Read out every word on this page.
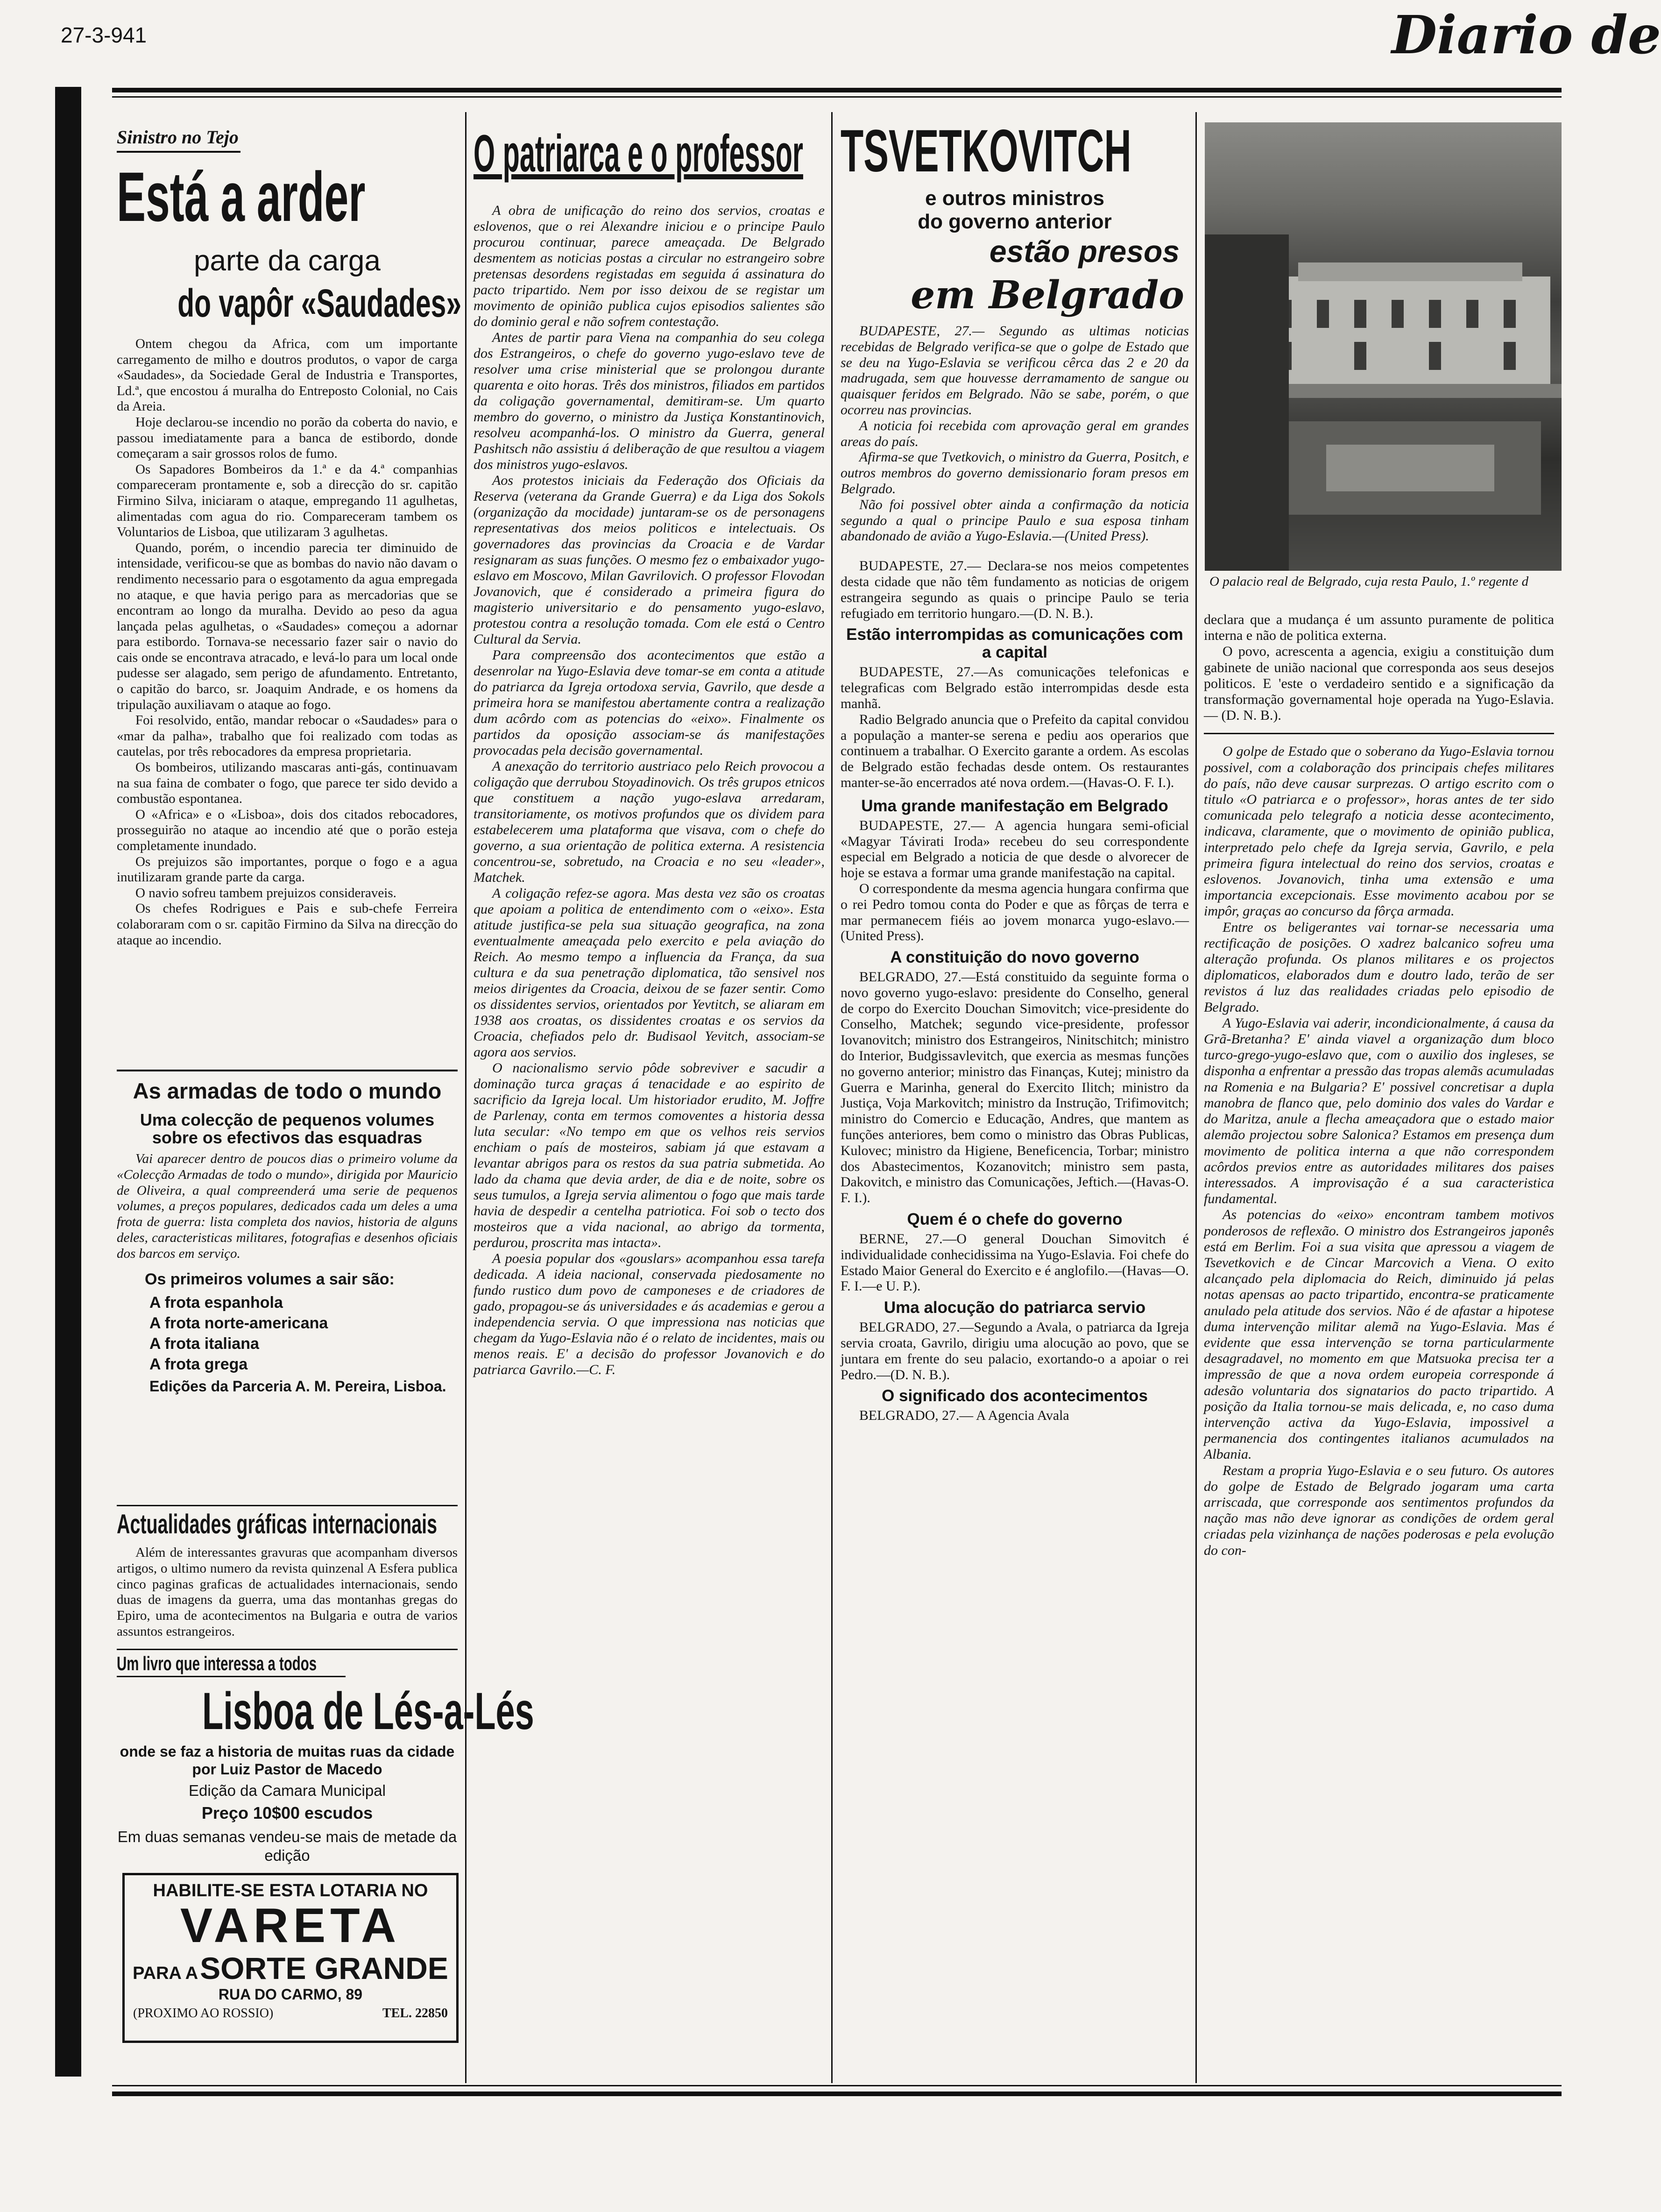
27-3-941	Diario de
Sinistro no Tejo
Está a arder
parte da carga
do vapôr «Saudades»

Ontem chegou da Africa, com um importante carregamento de milho e doutros produtos, o vapor de carga «Saudades», da Sociedade Geral de Industria e Transportes, Ld.ª, que encostou á muralha do Entreposto Colonial, no Cais da Areia.

Hoje declarou-se incendio no porão da coberta do navio, e passou imediatamente para a banca de estibordo, donde começaram a sair grossos rolos de fumo.

Os Sapadores Bombeiros da 1.ª e da 4.ª companhias compareceram prontamente e, sob a direcção do sr. capitão Firmino Silva, iniciaram o ataque, empregando 11 agulhetas, alimentadas com agua do rio. Compareceram tambem os Voluntarios de Lisboa, que utilizaram 3 agulhetas.

Quando, porém, o incendio parecia ter diminuido de intensidade, verificou-se que as bombas do navio não davam o rendimento necessario para o esgotamento da agua empregada no ataque, e que havia perigo para as mercadorias que se encontram ao longo da muralha. Devido ao peso da agua lançada pelas agulhetas, o «Saudades» começou a adornar para estibordo. Tornava-se necessario fazer sair o navio do cais onde se encontrava atracado, e levá-lo para um local onde pudesse ser alagado, sem perigo de afundamento. Entretanto, o capitão do barco, sr. Joaquim Andrade, e os homens da tripulação auxiliavam o ataque ao fogo.

Foi resolvido, então, mandar rebocar o «Saudades» para o «mar da palha», trabalho que foi realizado com todas as cautelas, por três rebocadores da empresa proprietaria.

Os bombeiros, utilizando mascaras anti-gás, continuavam na sua faina de combater o fogo, que parece ter sido devido a combustão espontanea.

O «Africa» e o «Lisboa», dois dos citados rebocadores, prosseguirão no ataque ao incendio até que o porão esteja completamente inundado.

Os prejuizos são importantes, porque o fogo e a agua inutilizaram grande parte da carga.

O navio sofreu tambem prejuizos consideraveis.

Os chefes Rodrigues e Pais e sub-chefe Ferreira colaboraram com o sr. capitão Firmino da Silva na direcção do ataque ao incendio.

As armadas de todo o mundo
Uma colecção de pequenos volumes sobre os efectivos das esquadras

Vai aparecer dentro de poucos dias o primeiro volume da «Colecção Armadas de todo o mundo», dirigida por Mauricio de Oliveira, a qual compreenderá uma serie de pequenos volumes, a preços populares, dedicados cada um deles a uma frota de guerra: lista completa dos navios, historia de alguns deles, caracteristicas militares, fotografias e desenhos oficiais dos barcos em serviço.

Os primeiros volumes a sair são:
A frota espanhola
A frota norte-americana
A frota italiana
A frota grega
Edições da Parceria A. M. Pereira, Lisboa.
Actualidades gráficas internacionais

Além de interessantes gravuras que acompanham diversos artigos, o ultimo numero da revista quinzenal A Esfera publica cinco paginas graficas de actualidades internacionais, sendo duas de imagens da guerra, uma das montanhas gregas do Epiro, uma de acontecimentos na Bulgaria e outra de varios assuntos estrangeiros.

Um livro que interessa a todos
Lisboa de Lés-a-Lés
onde se faz a historia de muitas ruas da cidade por Luiz Pastor de Macedo
Edição da Camara Municipal
Preço 10$00 escudos
Em duas semanas vendeu-se mais de metade da edição
HABILITE-SE ESTA LOTARIA NO
VARETA
PARA A SORTE GRANDE
RUA DO CARMO, 89
(PROXIMO AO ROSSIO)	TEL. 22850
O patriarca e o professor

A obra de unificação do reino dos servios, croatas e eslovenos, que o rei Alexandre iniciou e o principe Paulo procurou continuar, parece ameaçada. De Belgrado desmentem as noticias postas a circular no estrangeiro sobre pretensas desordens registadas em seguida á assinatura do pacto tripartido. Nem por isso deixou de se registar um movimento de opinião publica cujos episodios salientes são do dominio geral e não sofrem contestação.

Antes de partir para Viena na companhia do seu colega dos Estrangeiros, o chefe do governo yugo-eslavo teve de resolver uma crise ministerial que se prolongou durante quarenta e oito horas. Três dos ministros, filiados em partidos da coligação governamental, demitiram-se. Um quarto membro do governo, o ministro da Justiça Konstantinovich, resolveu acompanhá-los. O ministro da Guerra, general Pashitsch não assistiu á deliberação de que resultou a viagem dos ministros yugo-eslavos.

Aos protestos iniciais da Federação dos Oficiais da Reserva (veterana da Grande Guerra) e da Liga dos Sokols (organização da mocidade) juntaram-se os de personagens representativas dos meios politicos e intelectuais. Os governadores das provincias da Croacia e de Vardar resignaram as suas funções. O mesmo fez o embaixador yugo-eslavo em Moscovo, Milan Gavrilovich. O professor Flovodan Jovanovich, que é considerado a primeira figura do magisterio universitario e do pensamento yugo-eslavo, protestou contra a resolução tomada. Com ele está o Centro Cultural da Servia.

Para compreensão dos acontecimentos que estão a desenrolar na Yugo-Eslavia deve tomar-se em conta a atitude do patriarca da Igreja ortodoxa servia, Gavrilo, que desde a primeira hora se manifestou abertamente contra a realização dum acôrdo com as potencias do «eixo». Finalmente os partidos da oposição associam-se ás manifestações provocadas pela decisão governamental.

A anexação do territorio austriaco pelo Reich provocou a coligação que derrubou Stoyadinovich. Os três grupos etnicos que constituem a nação yugo-eslava arredaram, transitoriamente, os motivos profundos que os dividem para estabelecerem uma plataforma que visava, com o chefe do governo, a sua orientação de politica externa. A resistencia concentrou-se, sobretudo, na Croacia e no seu «leader», Matchek.

A coligação refez-se agora. Mas desta vez são os croatas que apoiam a politica de entendimento com o «eixo». Esta atitude justifica-se pela sua situação geografica, na zona eventualmente ameaçada pelo exercito e pela aviação do Reich. Ao mesmo tempo a influencia da França, da sua cultura e da sua penetração diplomatica, tão sensivel nos meios dirigentes da Croacia, deixou de se fazer sentir. Como os dissidentes servios, orientados por Yevtitch, se aliaram em 1938 aos croatas, os dissidentes croatas e os servios da Croacia, chefiados pelo dr. Budisaol Yevitch, associam-se agora aos servios.

O nacionalismo servio pôde sobreviver e sacudir a dominação turca graças á tenacidade e ao espirito de sacrificio da Igreja local. Um historiador erudito, M. Joffre de Parlenay, conta em termos comoventes a historia dessa luta secular: «No tempo em que os velhos reis servios enchiam o país de mosteiros, sabiam já que estavam a levantar abrigos para os restos da sua patria submetida. Ao lado da chama que devia arder, de dia e de noite, sobre os seus tumulos, a Igreja servia alimentou o fogo que mais tarde havia de despedir a centelha patriotica. Foi sob o tecto dos mosteiros que a vida nacional, ao abrigo da tormenta, perdurou, proscrita mas intacta».

A poesia popular dos «gouslars» acompanhou essa tarefa dedicada. A ideia nacional, conservada piedosamente no fundo rustico dum povo de camponeses e de criadores de gado, propagou-se ás universidades e ás academias e gerou a independencia servia. O que impressiona nas noticias que chegam da Yugo-Eslavia não é o relato de incidentes, mais ou menos reais. E' a decisão do professor Jovanovich e do patriarca Gavrilo.—C. F.

TSVETKOVITCH
e outros ministros
do governo anterior
estão presos
em Belgrado

BUDAPESTE, 27.— Segundo as ultimas noticias recebidas de Belgrado verifica-se que o golpe de Estado que se deu na Yugo-Eslavia se verificou cêrca das 2 e 20 da madrugada, sem que houvesse derramamento de sangue ou quaisquer feridos em Belgrado. Não se sabe, porém, o que ocorreu nas provincias.

A noticia foi recebida com aprovação geral em grandes areas do país.

Afirma-se que Tvetkovich, o ministro da Guerra, Positch, e outros membros do governo demissionario foram presos em Belgrado.

Não foi possivel obter ainda a confirmação da noticia segundo a qual o principe Paulo e sua esposa tinham abandonado de avião a Yugo-Eslavia.—(United Press).

BUDAPESTE, 27.— Declara-se nos meios competentes desta cidade que não têm fundamento as noticias de origem estrangeira segundo as quais o principe Paulo se teria refugiado em territorio hungaro.—(D. N. B.).

Estão interrompidas as comunicações com a capital

BUDAPESTE, 27.—As comunicações telefonicas e telegraficas com Belgrado estão interrompidas desde esta manhã.

Radio Belgrado anuncia que o Prefeito da capital convidou a população a manter-se serena e pediu aos operarios que continuem a trabalhar. O Exercito garante a ordem. As escolas de Belgrado estão fechadas desde ontem. Os restaurantes manter-se-ão encerrados até nova ordem.—(Havas-O. F. I.).

Uma grande manifestação em Belgrado

BUDAPESTE, 27.— A agencia hungara semi-oficial «Magyar Távirati Iroda» recebeu do seu correspondente especial em Belgrado a noticia de que desde o alvorecer de hoje se estava a formar uma grande manifestação na capital.

O correspondente da mesma agencia hungara confirma que o rei Pedro tomou conta do Poder e que as fôrças de terra e mar permanecem fiéis ao jovem monarca yugo-eslavo.—(United Press).

A constituição do novo governo

BELGRADO, 27.—Está constituido da seguinte forma o novo governo yugo-eslavo: presidente do Conselho, general de corpo do Exercito Douchan Simovitch; vice-presidente do Conselho, Matchek; segundo vice-presidente, professor Iovanovitch; ministro dos Estrangeiros, Ninitschitch; ministro do Interior, Budgissavlevitch, que exercia as mesmas funções no governo anterior; ministro das Finanças, Kutej; ministro da Guerra e Marinha, general do Exercito Ilitch; ministro da Justiça, Voja Markovitch; ministro da Instrução, Trifimovitch; ministro do Comercio e Educação, Andres, que mantem as funções anteriores, bem como o ministro das Obras Publicas, Kulovec; ministro da Higiene, Beneficencia, Torbar; ministro dos Abastecimentos, Kozanovitch; ministro sem pasta, Dakovitch, e ministro das Comunicações, Jeftich.—(Havas-O. F. I.).

Quem é o chefe do governo

BERNE, 27.—O general Douchan Simovitch é individualidade conhecidissima na Yugo-Eslavia. Foi chefe do Estado Maior General do Exercito e é anglofilo.—(Havas—O. F. I.—e U. P.).

Uma alocução do patriarca servio

BELGRADO, 27.—Segundo a Avala, o patriarca da Igreja servia croata, Gavrilo, dirigiu uma alocução ao povo, que se juntara em frente do seu palacio, exortando-o a apoiar o rei Pedro.—(D. N. B.).

O significado dos acontecimentos

BELGRADO, 27.— A Agencia Avala

O palacio real de Belgrado, cuja resta Paulo, 1.º regente d

declara que a mudança é um assunto puramente de politica interna e não de politica externa.

O povo, acrescenta a agencia, exigiu a constituição dum gabinete de união nacional que corresponda aos seus desejos politicos. E 'este o verdadeiro sentido e a significação da transformação governamental hoje operada na Yugo-Eslavia.— (D. N. B.).

O golpe de Estado que o soberano da Yugo-Eslavia tornou possivel, com a colaboração dos principais chefes militares do país, não deve causar surprezas. O artigo escrito com o titulo «O patriarca e o professor», horas antes de ter sido comunicada pelo telegrafo a noticia desse acontecimento, indicava, claramente, que o movimento de opinião publica, interpretado pelo chefe da Igreja servia, Gavrilo, e pela primeira figura intelectual do reino dos servios, croatas e eslovenos. Jovanovich, tinha uma extensão e uma importancia excepcionais. Esse movimento acabou por se impôr, graças ao concurso da fôrça armada.

Entre os beligerantes vai tornar-se necessaria uma rectificação de posições. O xadrez balcanico sofreu uma alteração profunda. Os planos militares e os projectos diplomaticos, elaborados dum e doutro lado, terão de ser revistos á luz das realidades criadas pelo episodio de Belgrado.

A Yugo-Eslavia vai aderir, incondicionalmente, á causa da Grã-Bretanha? E' ainda viavel a organização dum bloco turco-grego-yugo-eslavo que, com o auxilio dos ingleses, se disponha a enfrentar a pressão das tropas alemãs acumuladas na Romenia e na Bulgaria? E' possivel concretisar a dupla manobra de flanco que, pelo dominio dos vales do Vardar e do Maritza, anule a flecha ameaçadora que o estado maior alemão projectou sobre Salonica? Estamos em presença dum movimento de politica interna a que não correspondem acôrdos previos entre as autoridades militares dos paises interessados. A improvisação é a sua caracteristica fundamental.

As potencias do «eixo» encontram tambem motivos ponderosos de reflexão. O ministro dos Estrangeiros japonês está em Berlim. Foi a sua visita que apressou a viagem de Tsevetkovich e de Cincar Marcovich a Viena. O exito alcançado pela diplomacia do Reich, diminuido já pelas notas apensas ao pacto tripartido, encontra-se praticamente anulado pela atitude dos servios. Não é de afastar a hipotese duma intervenção militar alemã na Yugo-Eslavia. Mas é evidente que essa intervenção se torna particularmente desagradavel, no momento em que Matsuoka precisa ter a impressão de que a nova ordem europeia corresponde á adesão voluntaria dos signatarios do pacto tripartido. A posição da Italia tornou-se mais delicada, e, no caso duma intervenção activa da Yugo-Eslavia, impossivel a permanencia dos contingentes italianos acumulados na Albania.

Restam a propria Yugo-Eslavia e o seu futuro. Os autores do golpe de Estado de Belgrado jogaram uma carta arriscada, que corresponde aos sentimentos profundos da nação mas não deve ignorar as condições de ordem geral criadas pela vizinhança de nações poderosas e pela evolução do con-
